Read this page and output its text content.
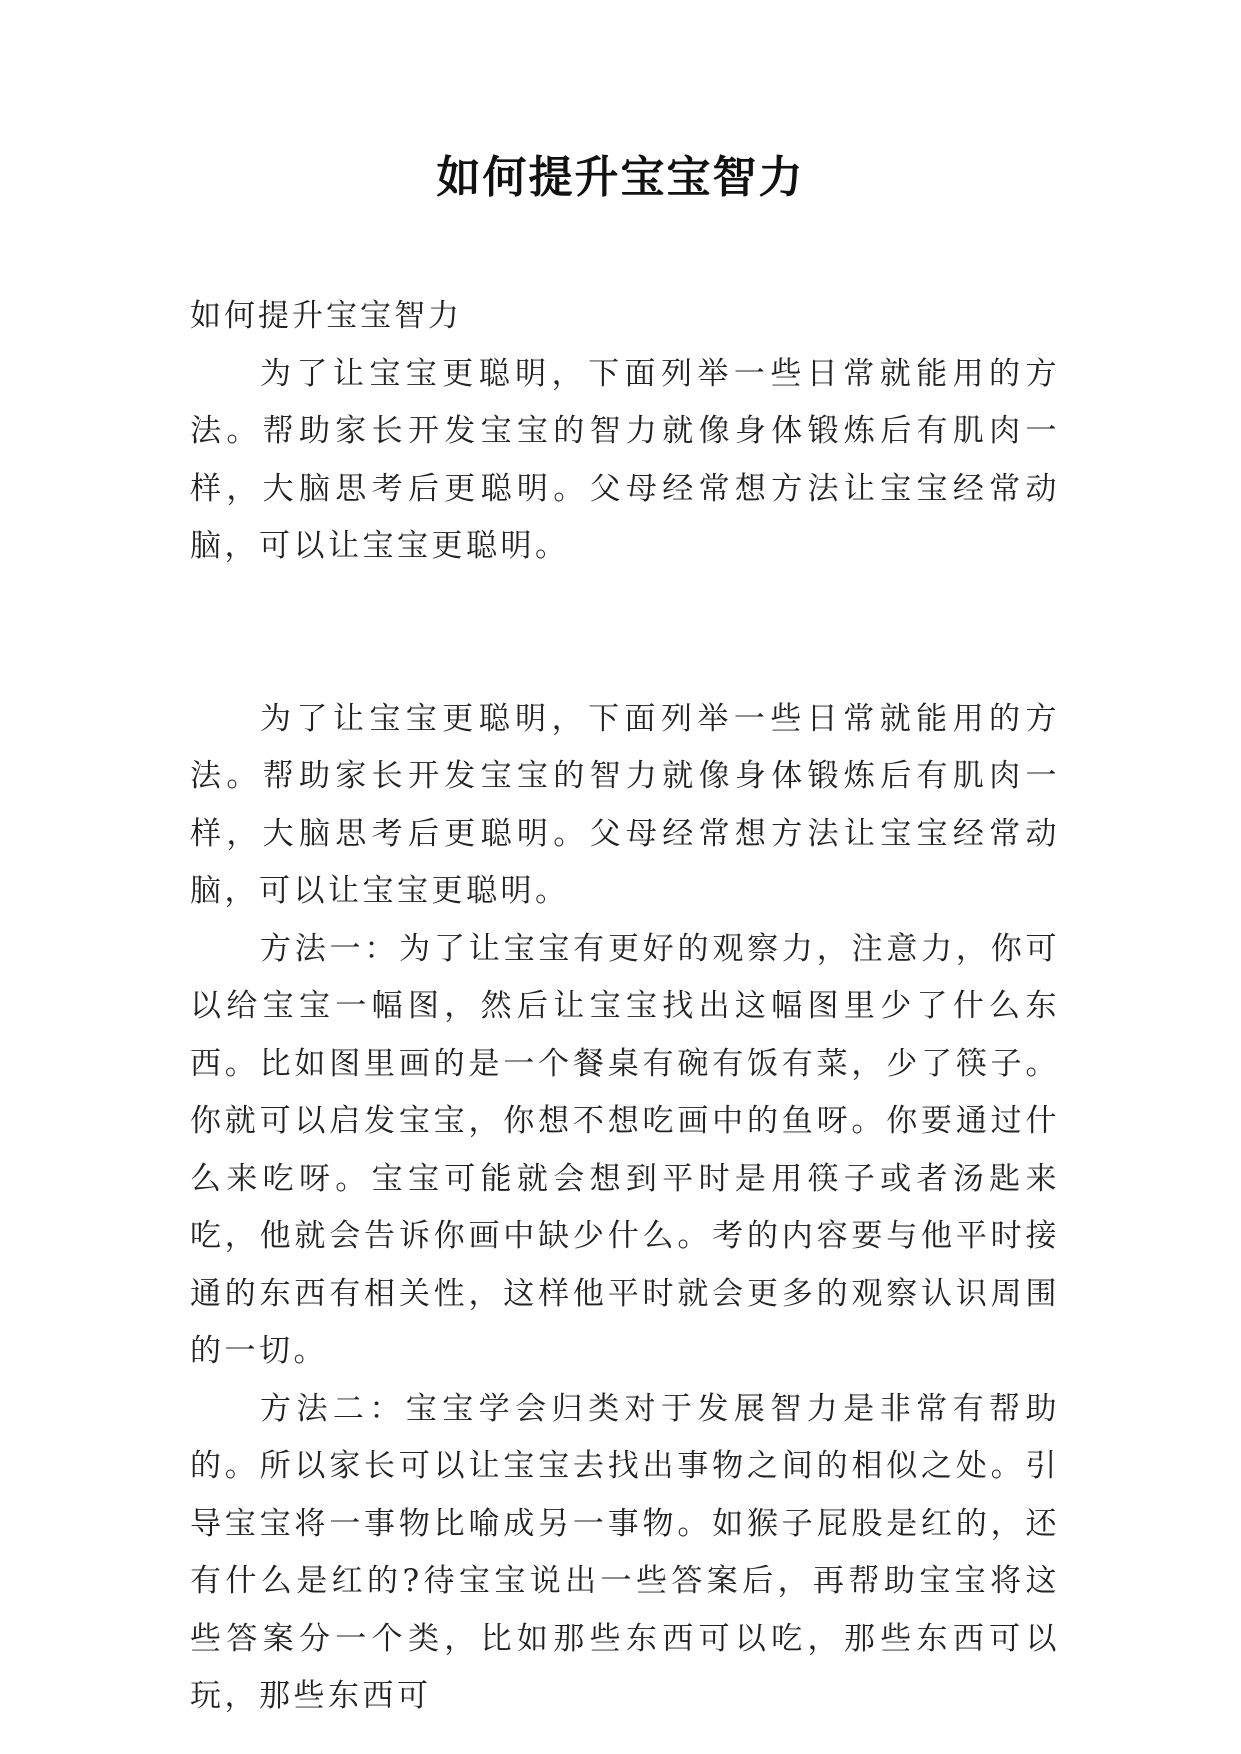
如何提升宝宝智力

如何提升宝宝智力

为了让宝宝更聪明，下面列举一些日常就能用的方法。帮助家长开发宝宝的智力就像身体锻炼后有肌肉一样，大脑思考后更聪明。父母经常想方法让宝宝经常动脑，可以让宝宝更聪明。

为了让宝宝更聪明，下面列举一些日常就能用的方法。帮助家长开发宝宝的智力就像身体锻炼后有肌肉一样，大脑思考后更聪明。父母经常想方法让宝宝经常动脑，可以让宝宝更聪明。

方法一：为了让宝宝有更好的观察力，注意力，你可以给宝宝一幅图，然后让宝宝找出这幅图里少了什么东西。比如图里画的是一个餐桌有碗有饭有菜，少了筷子。你就可以启发宝宝，你想不想吃画中的鱼呀。你要通过什么来吃呀。宝宝可能就会想到平时是用筷子或者汤匙来吃，他就会告诉你画中缺少什么。考的内容要与他平时接通的东西有相关性，这样他平时就会更多的观察认识周围的一切。

方法二：宝宝学会归类对于发展智力是非常有帮助的。所以家长可以让宝宝去找出事物之间的相似之处。引导宝宝将一事物比喻成另一事物。如猴子屁股是红的，还有什么是红的?待宝宝说出一些答案后，再帮助宝宝将这些答案分一个类，比如那些东西可以吃，那些东西可以玩，那些东西可
